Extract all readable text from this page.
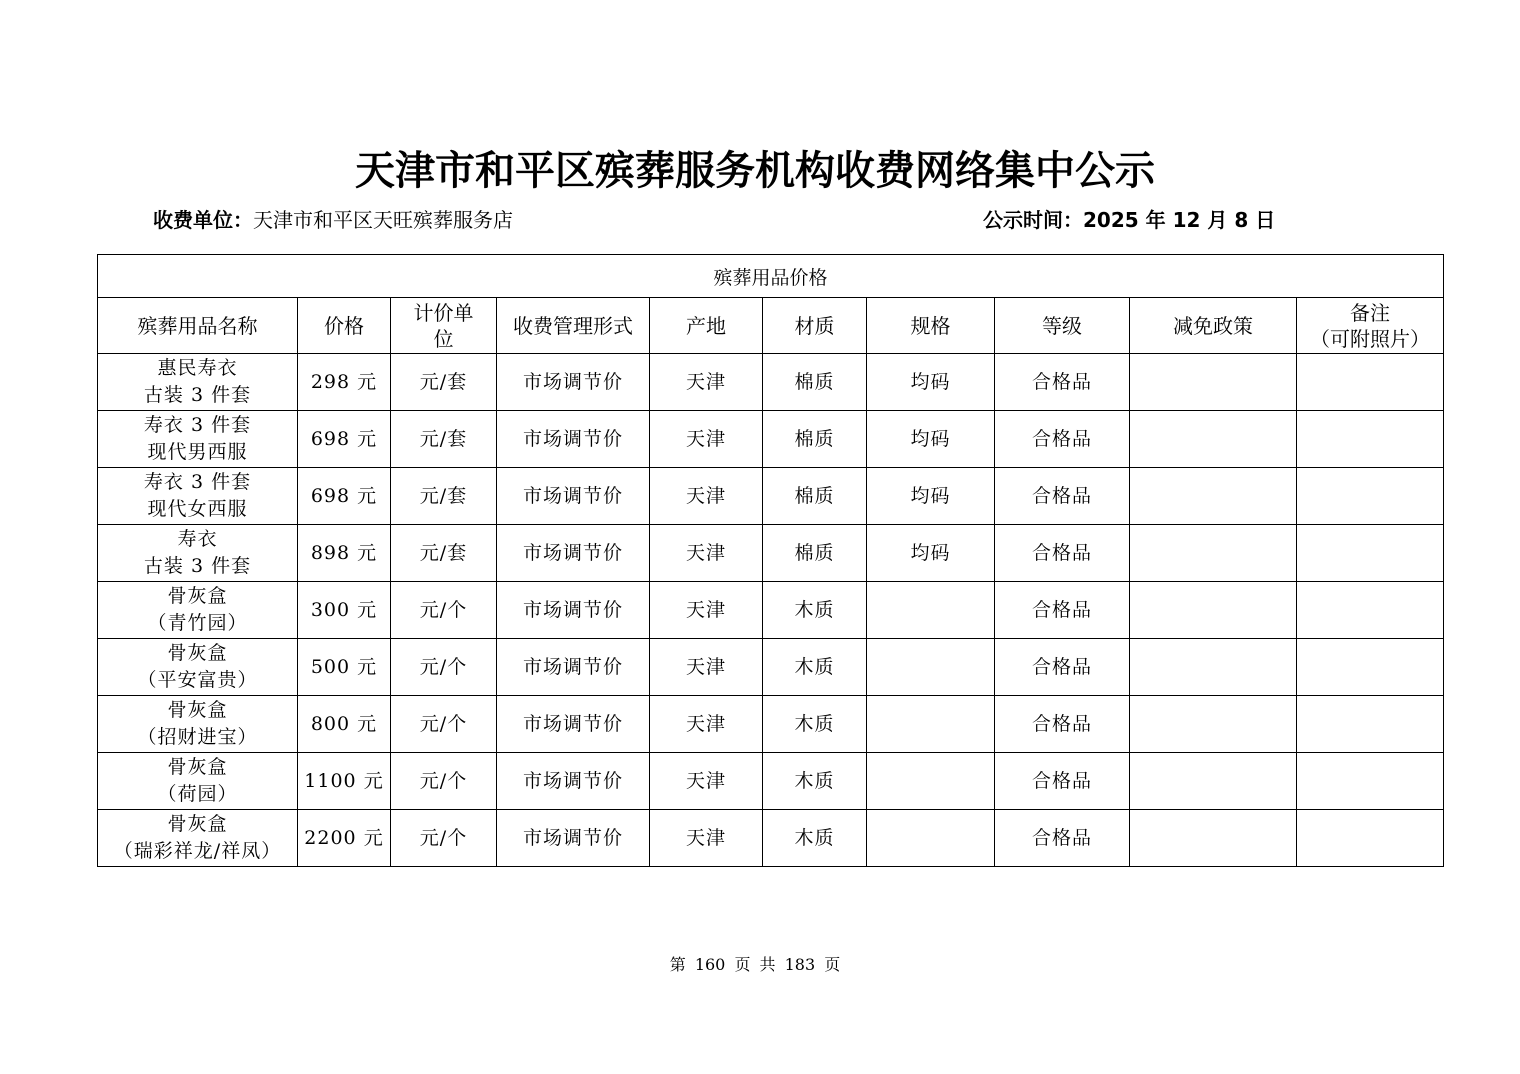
天津市和平区殡葬服务机构收费网络集中公示
收费单位：天津市和平区天旺殡葬服务店	公示时间：2025 年 12 月 8 日
殡葬用品价格									

殡葬用品名称	价格	计价单
位	收费管理形式	产地	材质	规格	等级	减免政策	备注
（可附照片）

惠民寿衣
古装 3 件套	298 元	元/套	市场调节价	天津	棉质	均码	合格品		

寿衣 3 件套
现代男西服	698 元	元/套	市场调节价	天津	棉质	均码	合格品		

寿衣 3 件套
现代女西服	698 元	元/套	市场调节价	天津	棉质	均码	合格品		

寿衣
古装 3 件套	898 元	元/套	市场调节价	天津	棉质	均码	合格品		

骨灰盒
（青竹园）	300 元	元/个	市场调节价	天津	木质		合格品		

骨灰盒
（平安富贵）	500 元	元/个	市场调节价	天津	木质		合格品		

骨灰盒
（招财进宝）	800 元	元/个	市场调节价	天津	木质		合格品		

骨灰盒
（荷园）	1100 元	元/个	市场调节价	天津	木质		合格品		

骨灰盒
（瑞彩祥龙/祥凤）	2200 元	元/个	市场调节价	天津	木质		合格品		
第 160 页 共 183 页
